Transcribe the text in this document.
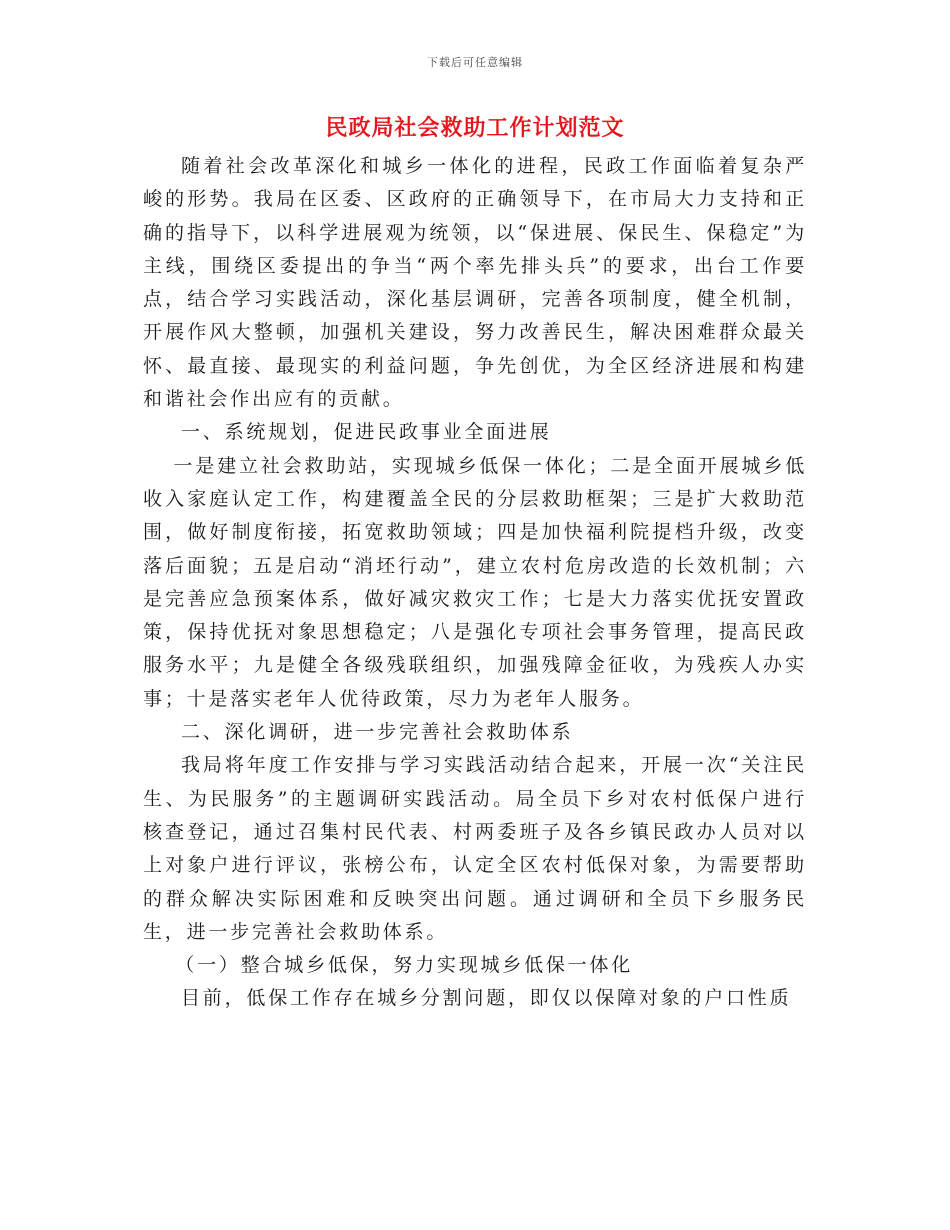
下载后可任意编辑
民政局社会救助工作计划范文

随着社会改革深化和城乡一体化的进程，民政工作面临着复杂严峻的形势。我局在区委、区政府的正确领导下，在市局大力支持和正确的指导下，以科学进展观为统领，以“保进展、保民生、保稳定”为主线，围绕区委提出的争当“两个率先排头兵”的要求，出台工作要点，结合学习实践活动，深化基层调研，完善各项制度，健全机制，开展作风大整顿，加强机关建设，努力改善民生，解决困难群众最关怀、最直接、最现实的利益问题，争先创优，为全区经济进展和构建和谐社会作出应有的贡献。

一、系统规划，促进民政事业全面进展

一是建立社会救助站，实现城乡低保一体化；二是全面开展城乡低收入家庭认定工作，构建覆盖全民的分层救助框架；三是扩大救助范围，做好制度衔接，拓宽救助领域；四是加快福利院提档升级，改变落后面貌；五是启动“消坯行动”，建立农村危房改造的长效机制；六是完善应急预案体系，做好减灾救灾工作；七是大力落实优抚安置政策，保持优抚对象思想稳定；八是强化专项社会事务管理，提高民政服务水平；九是健全各级残联组织，加强残障金征收，为残疾人办实事；十是落实老年人优待政策，尽力为老年人服务。

二、深化调研，进一步完善社会救助体系

我局将年度工作安排与学习实践活动结合起来，开展一次“关注民生、为民服务”的主题调研实践活动。局全员下乡对农村低保户进行核查登记，通过召集村民代表、村两委班子及各乡镇民政办人员对以上对象户进行评议，张榜公布，认定全区农村低保对象，为需要帮助的群众解决实际困难和反映突出问题。通过调研和全员下乡服务民生，进一步完善社会救助体系。

（一）整合城乡低保，努力实现城乡低保一体化

目前，低保工作存在城乡分割问题，即仅以保障对象的户口性质
